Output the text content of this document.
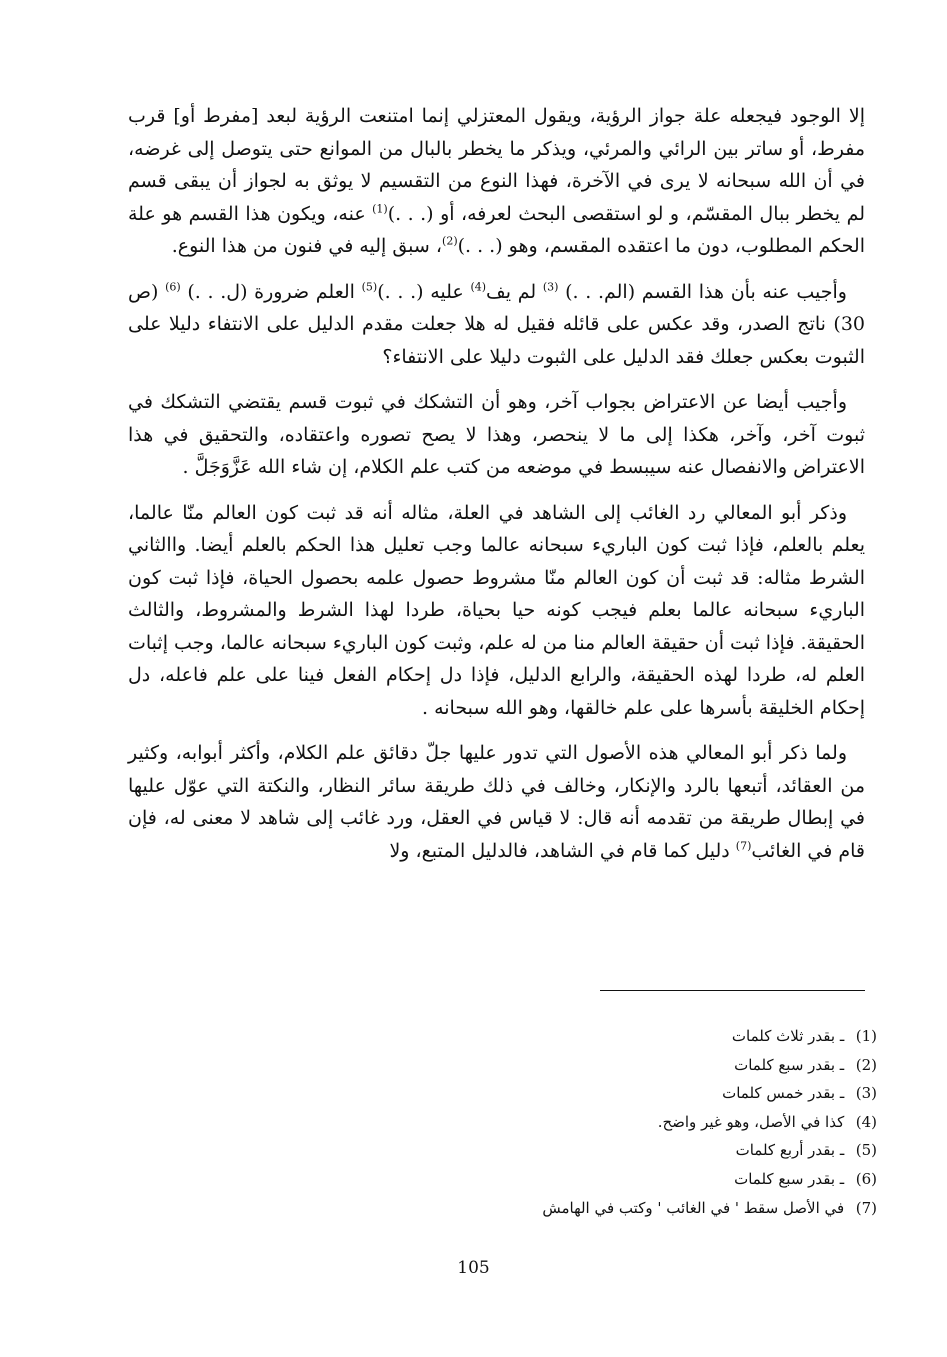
إلا الوجود فيجعله علة جواز الرؤية، ويقول المعتزلي إنما امتنعت الرؤية لبعد [مفرط أو] قرب مفرط، أو ساتر بين الرائي والمرئي، ويذكر ما يخطر بالبال من الموانع حتى يتوصل إلى غرضه، في أن الله سبحانه لا يرى في الآخرة، فهذا النوع من التقسيم لا يوثق به لجواز أن يبقى قسم لم يخطر ببال المقسّم، و لو استقصى البحث لعرفه، أو (. . .)$^{(1)}$ عنه، ويكون هذا القسم هو علة الحكم المطلوب، دون ما اعتقده المقسم، وهو (. . .)$^{(2)}$، سبق إليه في فنون من هذا النوع.

وأجيب عنه بأن هذا القسم (الم. . .) $^{(3)}$ لم يف$^{(4)}$ عليه (. . .)$^{(5)}$ العلم ضرورة (ل. . .) $^{(6)}$ (ص 30) ناتج الصدر، وقد عكس على قائله فقيل له هلا جعلت مقدم الدليل على الانتفاء دليلا على الثبوت بعكس جعلك فقد الدليل على الثبوت دليلا على الانتفاء؟

وأجيب أيضا عن الاعتراض بجواب آخر، وهو أن التشكك في ثبوت قسم يقتضي التشكك في ثبوت آخر، وآخر، هكذا إلى ما لا ينحصر، وهذا لا يصح تصوره واعتقاده، والتحقيق في هذا الاعتراض والانفصال عنه سيبسط في موضعه من كتب علم الكلام، إن شاء الله عَزَّوَجَلَّ .

وذكر أبو المعالي رد الغائب إلى الشاهد في العلة، مثاله أنه قد ثبت كون العالم منّا عالما، يعلم بالعلم، فإذا ثبت كون الباريء سبحانه عالما وجب تعليل هذا الحكم بالعلم أيضا. واالثاني الشرط مثاله: قد ثبت أن كون العالم منّا مشروط حصول علمه بحصول الحياة، فإذا ثبت كون الباريء سبحانه عالما بعلم فيجب كونه حيا بحياة، طردا لهذا الشرط والمشروط، والثالث الحقيقة. فإذا ثبت أن حقيقة العالم منا من له علم، وثبت كون الباريء سبحانه عالما، وجب إثبات العلم له، طردا لهذه الحقيقة، والرابع الدليل، فإذا دل إحكام الفعل فينا على علم فاعله، دل إحكام الخليقة بأسرها على علم خالقها، وهو الله سبحانه .

ولما ذكر أبو المعالي هذه الأصول التي تدور عليها جلّ دقائق علم الكلام، وأكثر أبوابه، وكثير من العقائد، أتبعها بالرد والإنكار، وخالف في ذلك طريقة سائر النظار، والنكتة التي عوّل عليها في إبطال طريقة من تقدمه أنه قال: لا قياس في العقل، ورد غائب إلى شاهد لا معنى له، فإن قام في الغائب$^{(7)}$ دليل كما قام في الشاهد، فالدليل المتبع، ولا

(1) ـ بقدر ثلاث كلمات
(2) ـ بقدر سبع كلمات
(3) ـ بقدر خمس كلمات
(4) كذا في الأصل، وهو غير واضح.
(5) ـ بقدر أربع كلمات
(6) ـ بقدر سبع كلمات
(7) في الأصل سقط ' في الغائب ' وكتب في الهامش
105
